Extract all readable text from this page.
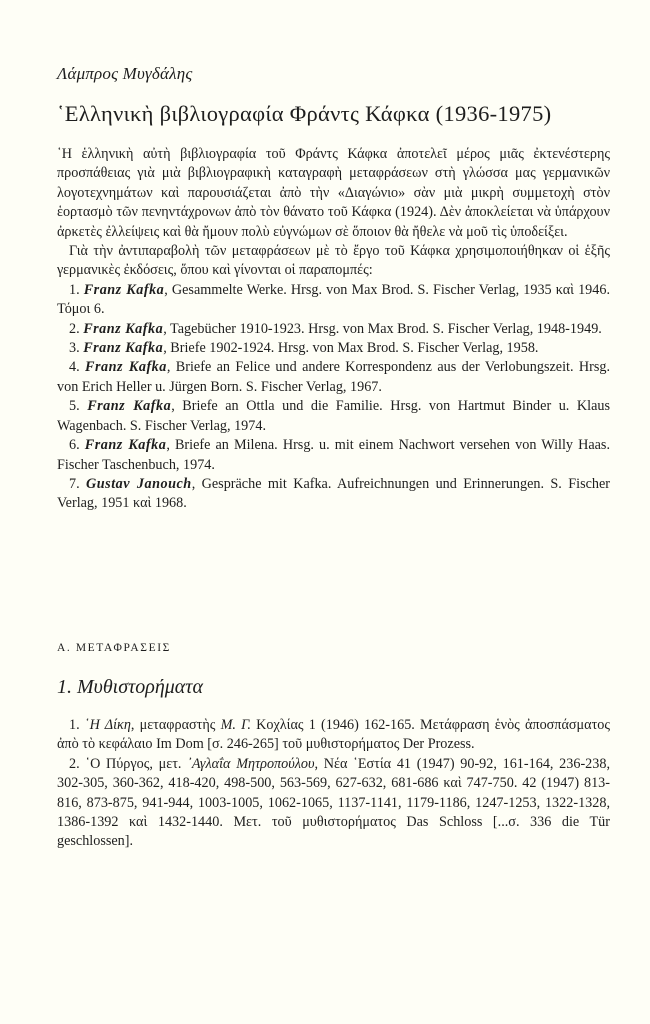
Λάμπρος Μυγδάλης
῾Ελληνικὴ βιβλιογραφία Φράντς Κάφκα (1936-1975)

῾Η ἑλληνικὴ αὐτὴ βιβλιογραφία τοῦ Φράντς Κάφκα ἀποτελεῖ μέρος μιᾶς ἐκτενέστερης προσπάθειας γιὰ μιὰ βιβλιογραφικὴ καταγραφὴ μεταφράσεων στὴ γλώσσα μας γερμανικῶν λογοτεχνημάτων καὶ παρουσιάζεται ἀπὸ τὴν «Διαγώνιο» σὰν μιὰ μικρὴ συμμετοχὴ στὸν ἑορτασμὸ τῶν πενηντάχρονων ἀπὸ τὸν θάνατο τοῦ Κάφκα (1924). Δὲν ἀποκλείεται νὰ ὑπάρχουν ἀρκετὲς ἐλλείψεις καὶ θὰ ἤμουν πολὺ εὐγνώμων σὲ ὅποιον θὰ ἤθελε νὰ μοῦ τὶς ὑποδείξει.

Γιὰ τὴν ἀντιπαραβολὴ τῶν μεταφράσεων μὲ τὸ ἔργο τοῦ Κάφκα χρησιμοποιήθηκαν οἱ ἑξῆς γερμανικὲς ἐκδόσεις, ὅπου καὶ γίνονται οἱ παραπομπές:

1. Franz Kafka, Gesammelte Werke. Hrsg. von Max Brod. S. Fischer Verlag, 1935 καὶ 1946. Τόμοι 6.

2. Franz Kafka, Tagebücher 1910-1923. Hrsg. von Max Brod. S. Fischer Verlag, 1948-1949.

3. Franz Kafka, Briefe 1902-1924. Hrsg. von Max Brod. S. Fischer Verlag, 1958.

4. Franz Kafka, Briefe an Felice und andere Korrespondenz aus der Verlobungszeit. Hrsg. von Erich Heller u. Jürgen Born. S. Fischer Verlag, 1967.

5. Franz Kafka, Briefe an Ottla und die Familie. Hrsg. von Hartmut Binder u. Klaus Wagenbach. S. Fischer Verlag, 1974.

6. Franz Kafka, Briefe an Milena. Hrsg. u. mit einem Nachwort versehen von Willy Haas. Fischer Taschenbuch, 1974.

7. Gustav Janouch, Gespräche mit Kafka. Aufreichnungen und Erinnerungen. S. Fischer Verlag, 1951 καὶ 1968.

Α. ΜΕΤΑΦΡΑΣΕΙΣ
1. Μυθιστορήματα

1. ῾Η Δίκη, μεταφραστὴς Μ. Γ. Κοχλίας 1 (1946) 162-165. Μετάφραση ἑνὸς ἀποσπάσματος ἀπὸ τὸ κεφάλαιο Im Dom [σ. 246-265] τοῦ μυθιστορήματος Der Prozess.

2. ῾Ο Πύργος, μετ. ᾿Αγλαΐα Μητροπούλου, Νέα ῾Εστία 41 (1947) 90-92, 161-164, 236-238, 302-305, 360-362, 418-420, 498-500, 563-569, 627-632, 681-686 καὶ 747-750. 42 (1947) 813-816, 873-875, 941-944, 1003-1005, 1062-1065, 1137-1141, 1179-1186, 1247-1253, 1322-1328, 1386-1392 καὶ 1432-1440. Μετ. τοῦ μυθιστορήματος Das Schloss [...σ. 336 die Tür geschlossen].
